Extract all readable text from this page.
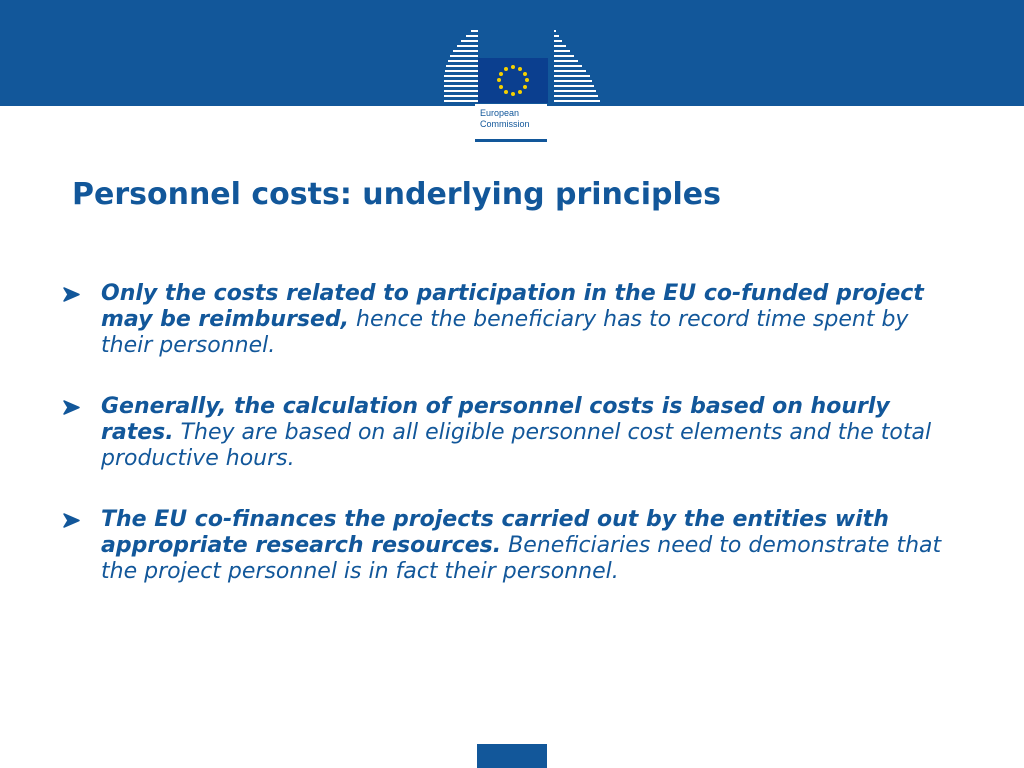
European
Commission
Personnel costs: underlying principles
Only the costs related to participation in the EU co-funded project may be reimbursed, hence the beneficiary has to record time spent by their personnel.
Generally, the calculation of personnel costs is based on hourly rates. They are based on all eligible personnel cost elements and the total productive hours.
The EU co-finances the projects carried out by the entities with appropriate research resources. Beneficiaries need to demonstrate that the project personnel is in fact their personnel.
